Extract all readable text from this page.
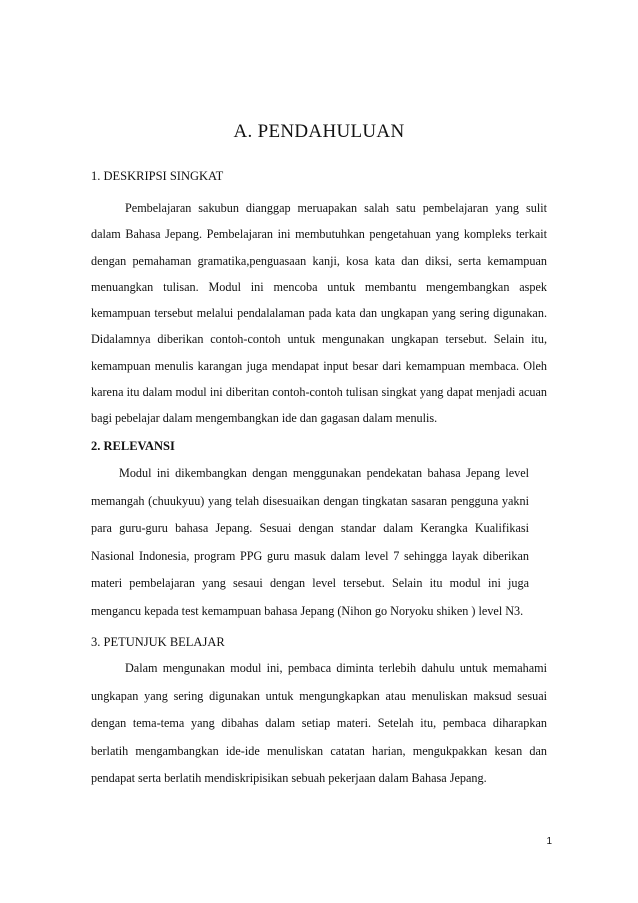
A. PENDAHULUAN

1. DESKRIPSI SINGKAT

Pembelajaran sakubun dianggap meruapakan salah satu pembelajaran yang sulit dalam Bahasa Jepang. Pembelajaran ini membutuhkan pengetahuan yang kompleks terkait dengan pemahaman gramatika,penguasaan kanji, kosa kata dan diksi, serta kemampuan menuangkan tulisan. Modul ini mencoba untuk membantu mengembangkan aspek kemampuan tersebut melalui pendalalaman pada kata dan ungkapan yang sering digunakan. Didalamnya diberikan contoh-contoh untuk mengunakan ungkapan tersebut. Selain itu, kemampuan menulis karangan juga mendapat input besar dari kemampuan membaca. Oleh karena itu dalam modul ini diberitan contoh-contoh tulisan singkat yang dapat menjadi acuan bagi pebelajar dalam mengembangkan ide dan gagasan dalam menulis.

2. RELEVANSI

Modul ini dikembangkan dengan menggunakan pendekatan bahasa Jepang level memangah (chuukyuu) yang telah disesuaikan dengan tingkatan sasaran pengguna yakni para guru-guru bahasa Jepang. Sesuai dengan standar dalam Kerangka Kualifikasi Nasional Indonesia, program PPG guru masuk dalam level 7 sehingga layak diberikan materi pembelajaran yang sesaui dengan level tersebut. Selain itu modul ini juga mengancu kepada test kemampuan bahasa Jepang (Nihon go Noryoku shiken ) level N3.

3. PETUNJUK BELAJAR

Dalam mengunakan modul ini, pembaca diminta terlebih dahulu untuk memahami ungkapan yang sering digunakan untuk mengungkapkan atau menuliskan maksud sesuai dengan tema-tema yang dibahas dalam setiap materi. Setelah itu, pembaca diharapkan berlatih mengambangkan ide-ide menuliskan catatan harian, mengukpakkan kesan dan pendapat serta berlatih mendiskripisikan sebuah pekerjaan dalam Bahasa Jepang.

1
